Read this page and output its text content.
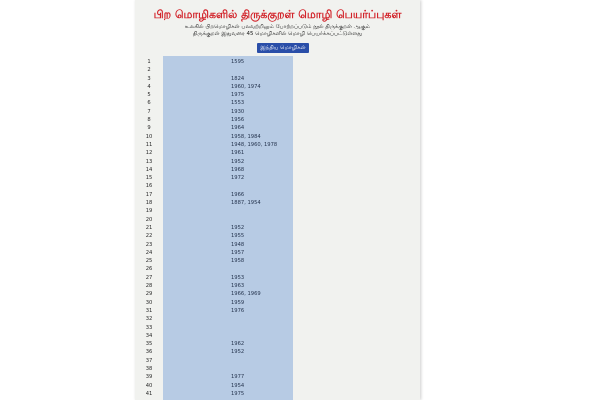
பிற மொழிகளில் திருக்குறள் மொழி பெயர்ப்புகள்
உலகில் பிறமொழிகள் பலவற்றிலும் போற்றப்படும் நூல் திருக்குறள் ஆகும்
திருக்குறள் இதுவரை 45 மொழிகளில் மொழி பெயர்க்கப்பட்டுள்ளது
இந்திய மொழிகள்
1	1595
2
3	1824
4	1960, 1974
5	1975
6	1553
7	1930
8	1956
9	1964
10	1958, 1984
11	1948, 1960, 1978
12	1961
13	1952
14	1968
15	1972
16
17	1966
18	1887, 1954
19
20
21	1952
22	1955
23	1948
24	1957
25	1958
26
27	1953
28	1963
29	1966, 1969
30	1959
31	1976
32
33
34
35	1962
36	1952
37
38
39	1977
40	1954
41	1975
